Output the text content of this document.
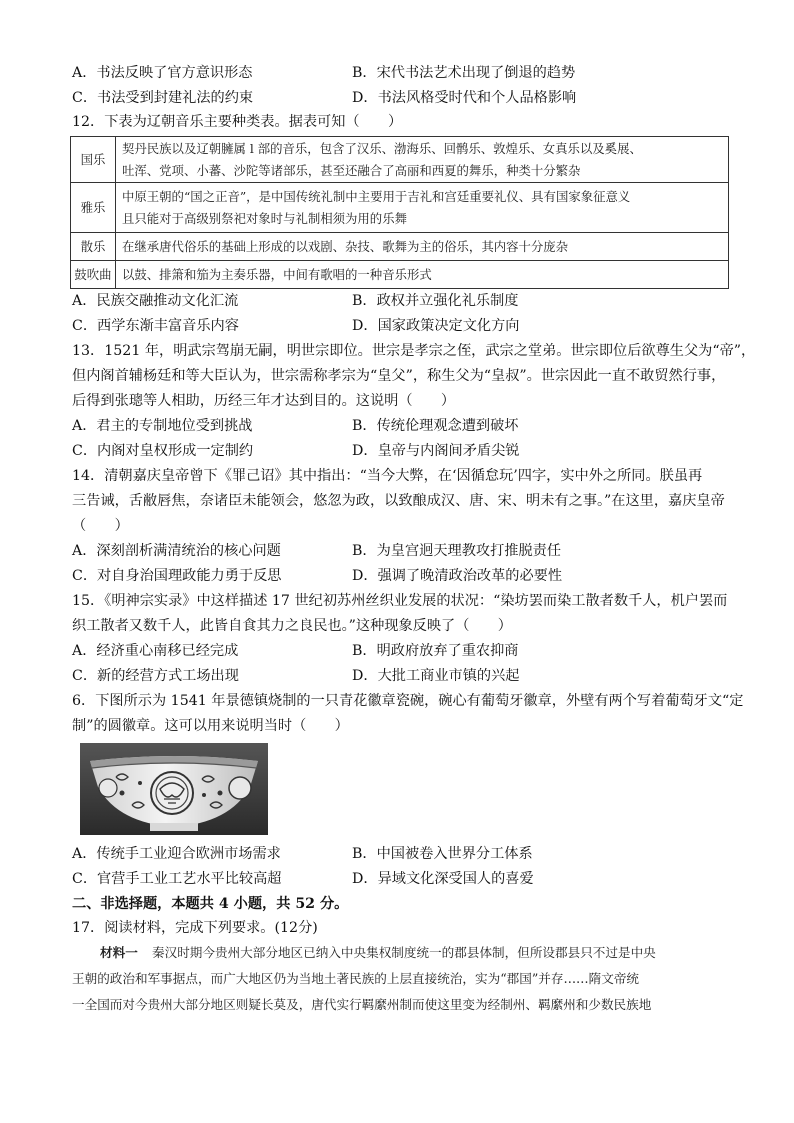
A．书法反映了官方意识形态	B．宋代书法艺术出现了倒退的趋势
C．书法受到封建礼法的约束	D．书法风格受时代和个人品格影响
12．下表为辽朝音乐主要种类表。据表可知（　　）
国乐	契丹民族以及辽朝臃属 l 部的音乐，包含了汉乐、渤海乐、回鹘乐、敦煌乐、女真乐以及奚展、
吐浑、党项、小蕃、沙陀等诸部乐，甚至还融合了高丽和西夏的舞乐，种类十分繁杂

雅乐	中原王朝的“国之正音”，是中国传统礼制中主要用于吉礼和宫廷重要礼仪、具有国家象征意义
且只能对于高级别祭祀对象时与礼制相须为用的乐舞

散乐	在继承唐代俗乐的基础上形成的以戏剧、杂技、歌舞为主的俗乐，其内容十分庞杂

鼓吹曲	以鼓、排箫和笳为主奏乐器，中间有歌唱的一种音乐形式
A．民族交融推动文化汇流	B．政权并立强化礼乐制度
C．西学东渐丰富音乐内容	D．国家政策决定文化方向
13．1521 年，明武宗驾崩无嗣，明世宗即位。世宗是孝宗之侄，武宗之堂弟。世宗即位后欲尊生父为“帝”，
但内阁首辅杨廷和等大臣认为，世宗需称孝宗为“皇父”，称生父为“皇叔”。世宗因此一直不敢贸然行事，
后得到张璁等人相助，历经三年才达到目的。这说明（　　）
A．君主的专制地位受到挑战	B．传统伦理观念遭到破坏
C．内阁对皇权形成一定制约	D．皇帝与内阁间矛盾尖锐
14．清朝嘉庆皇帝曾下《罪己诏》其中指出：“当今大弊，在‘因循怠玩’四字，实中外之所同。朕虽再
三告诫，舌敝唇焦，奈诸臣未能领会，悠忽为政，以致酿成汉、唐、宋、明未有之事。”在这里，嘉庆皇帝
（　　）
A．深刻剖析满清统治的核心问题	B．为皇宫迥天理教攻打推脱责任
C．对自身治国理政能力勇于反思	D．强调了晚清政治改革的必要性
15．《明神宗实录》中这样描述 17 世纪初苏州丝织业发展的状况：“染坊罢而染工散者数千人，机户罢而
织工散者又数千人，此皆自食其力之良民也。”这种现象反映了（　　）
A．经济重心南移已经完成	B．明政府放弃了重农抑商
C．新的经营方式工场出现	D．大批工商业市镇的兴起
6．下图所示为 1541 年景德镇烧制的一只青花徽章瓷碗，碗心有葡萄牙徽章，外壁有两个写着葡萄牙文“定
制”的圆徽章。这可以用来说明当时（　　）
A．传统手工业迎合欧洲市场需求	B．中国被卷入世界分工体系
C．官营手工业工艺水平比较高超	D．异域文化深受国人的喜爱
二、非选择题，本题共 4 小题，共 52 分。
17．阅读材料，完成下列要求。(12分)
材料一 秦汉时期今贵州大部分地区已纳入中央集权制度统一的郡县体制，但所设郡县只不过是中央
王朝的政治和军事据点，而广大地区仍为当地土著民族的上层直接统治，实为“郡国”并存……隋文帝统
一全国而对今贵州大部分地区则疑长莫及，唐代实行羁縻州制而使这里变为经制州、羁縻州和少数民族地
